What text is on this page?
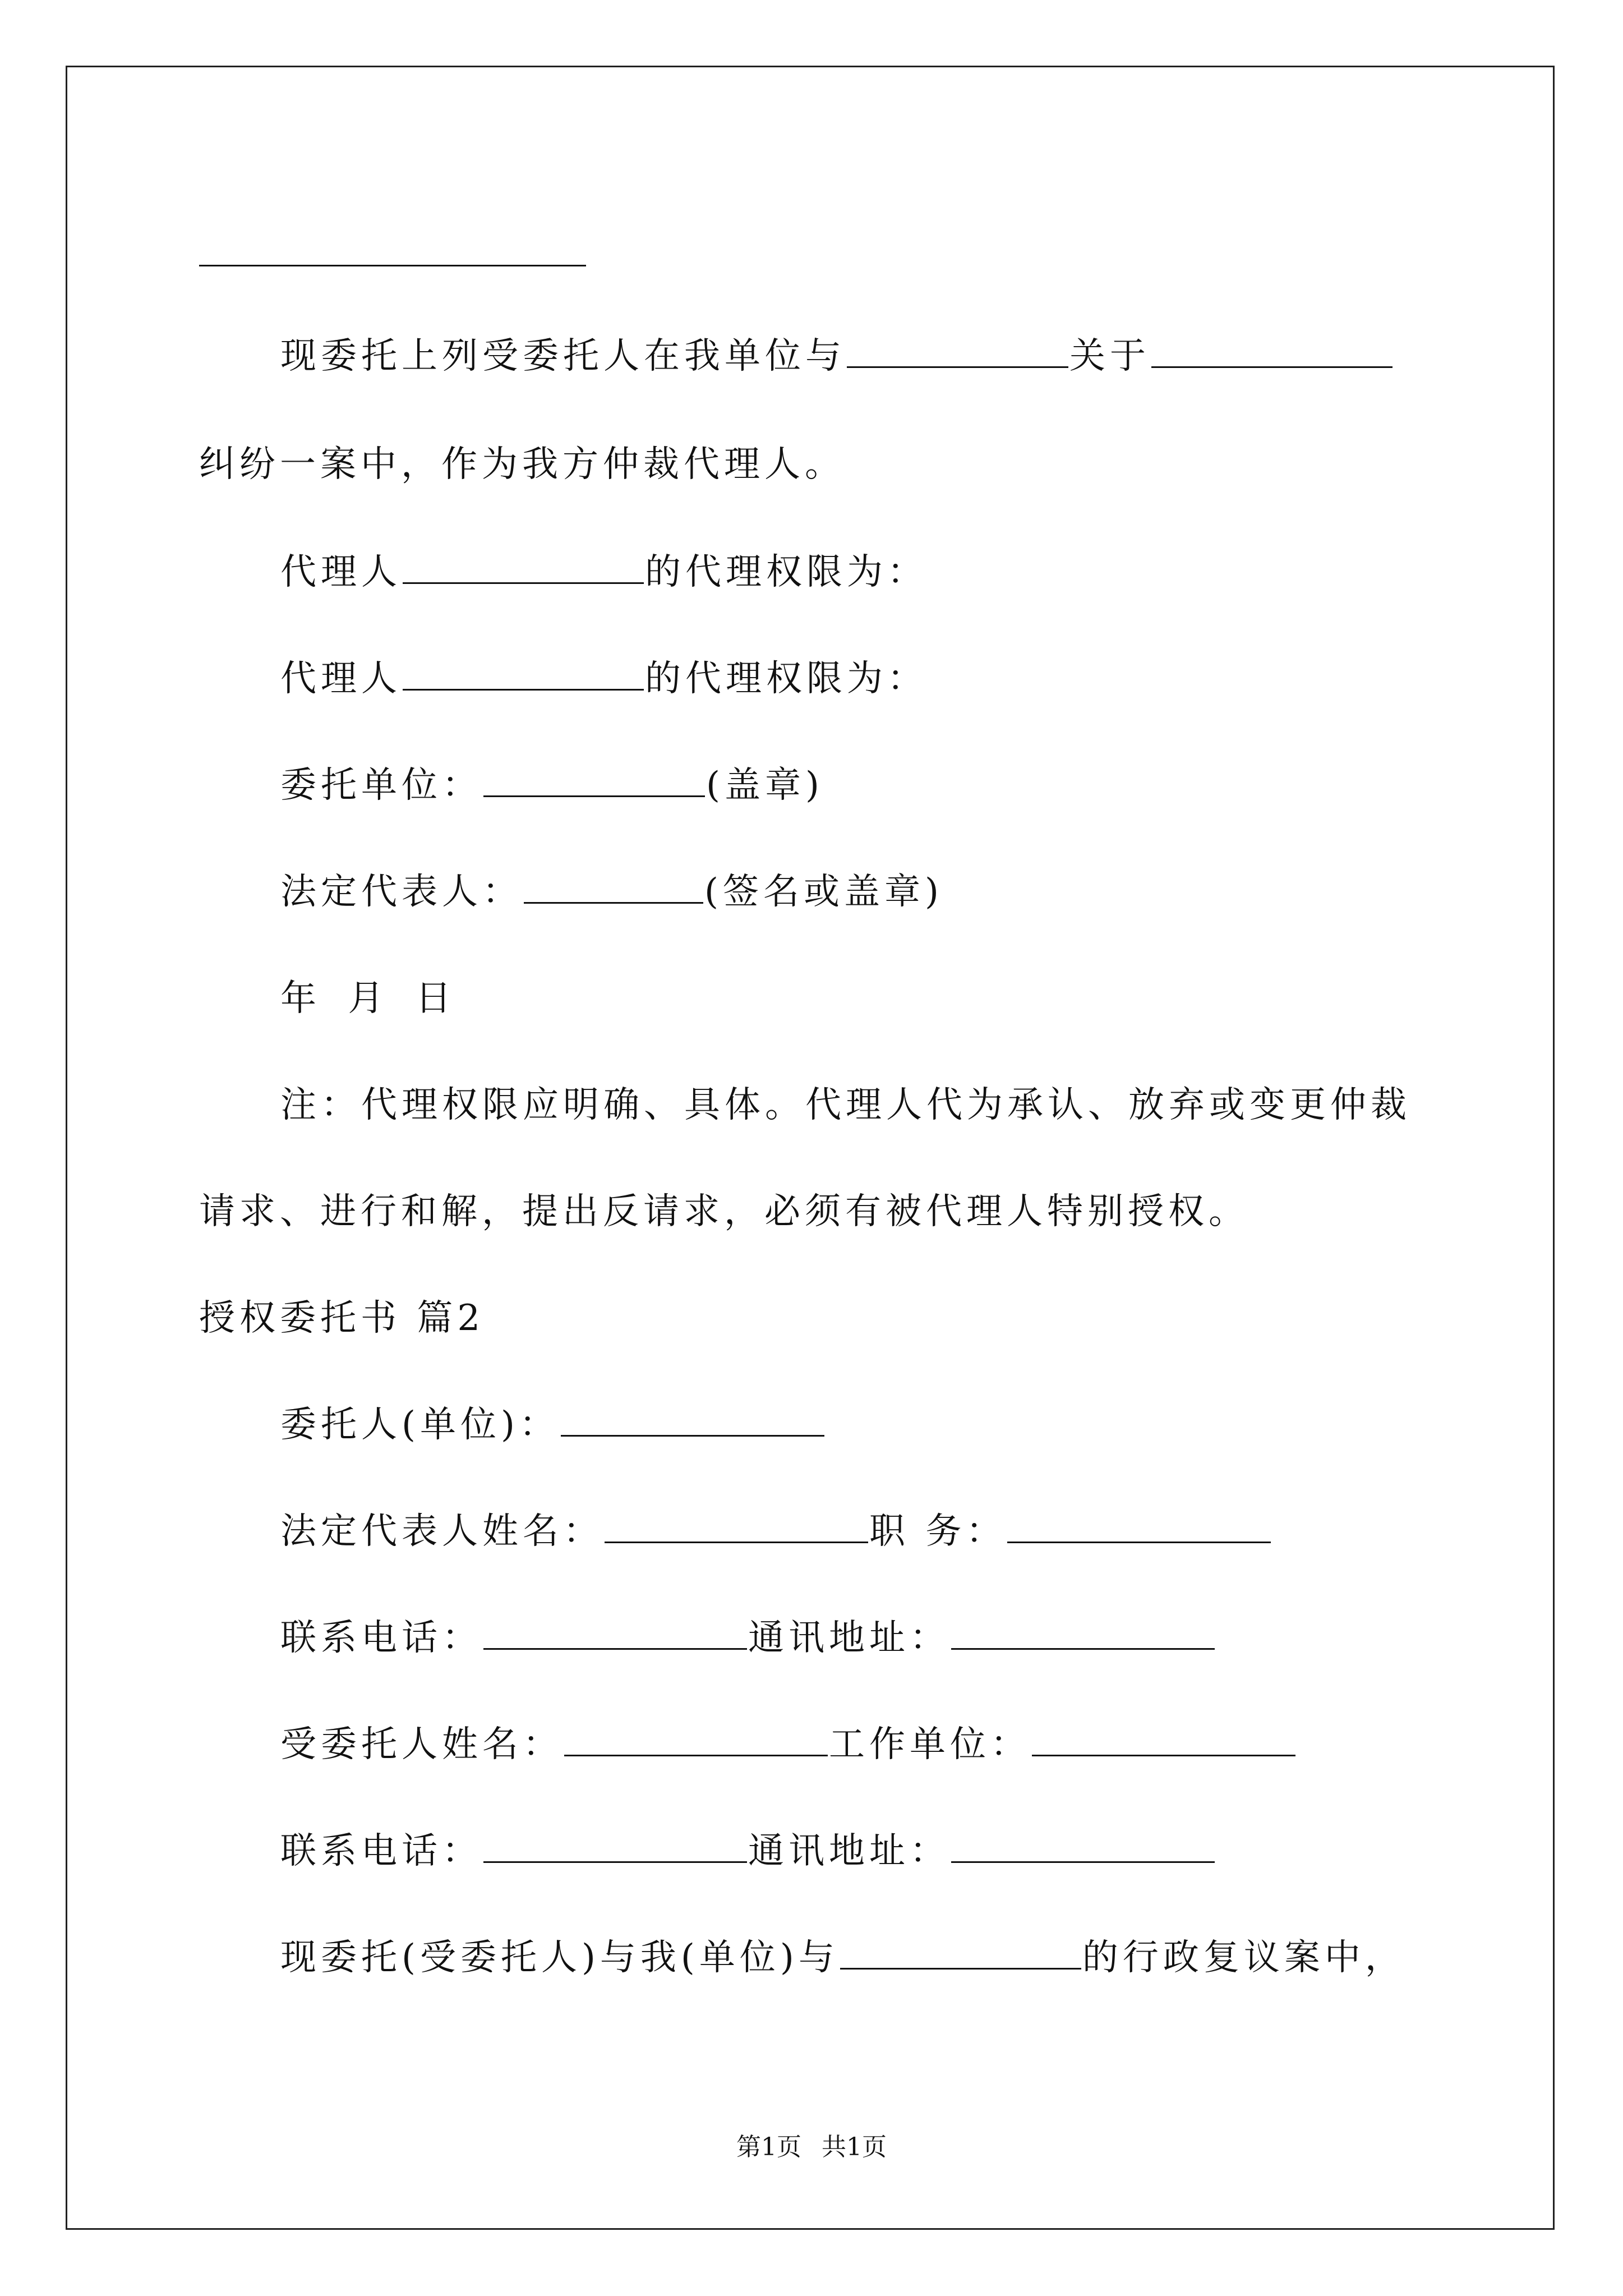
现委托上列受委托人在我单位与	关于
纠纷一案中，作为我方仲裁代理人。
代理人	的代理权限为：
代理人	的代理权限为：
委托单位：	(盖章)
法定代表人：	(签名或盖章)
年 月 日
注：代理权限应明确、具体。代理人代为承认、放弃或变更仲裁
请求、进行和解，提出反请求，必须有被代理人特别授权。
授权委托书 篇2
委托人(单位)：
法定代表人姓名：	职 务：
联系电话：	通讯地址：
受委托人姓名：	工作单位：
联系电话：	通讯地址：
现委托(受委托人)与我(单位)与	的行政复议案中，
第1页 共1页
